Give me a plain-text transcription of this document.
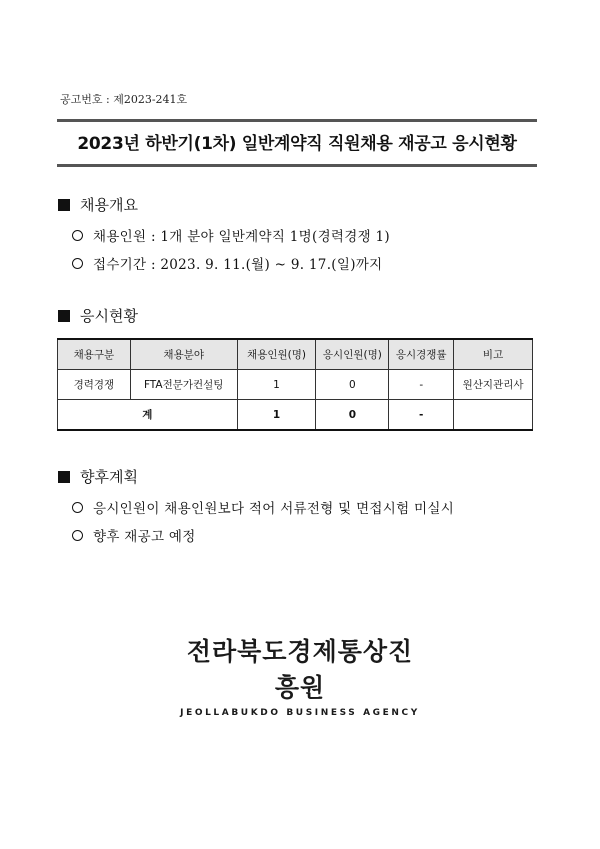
공고번호 : 제2023-241호
2023년 하반기(1차) 일반계약직 직원채용 재공고 응시현황
채용개요
채용인원 : 1개 분야 일반계약직 1명(경력경쟁 1)
접수기간 : 2023. 9. 11.(월) ~ 9. 17.(일)까지
응시현황
채용구분	채용분야	채용인원(명)	응시인원(명)	응시경쟁률	비고
경력경쟁	FTA전문가컨설팅	1	0	-	원산지관리사
계		1	0	-	
향후계획
응시인원이 채용인원보다 적어 서류전형 및 면접시험 미실시
향후 재공고 예정
전라북도경제통상진흥원
JEOLLABUKDO BUSINESS AGENCY
